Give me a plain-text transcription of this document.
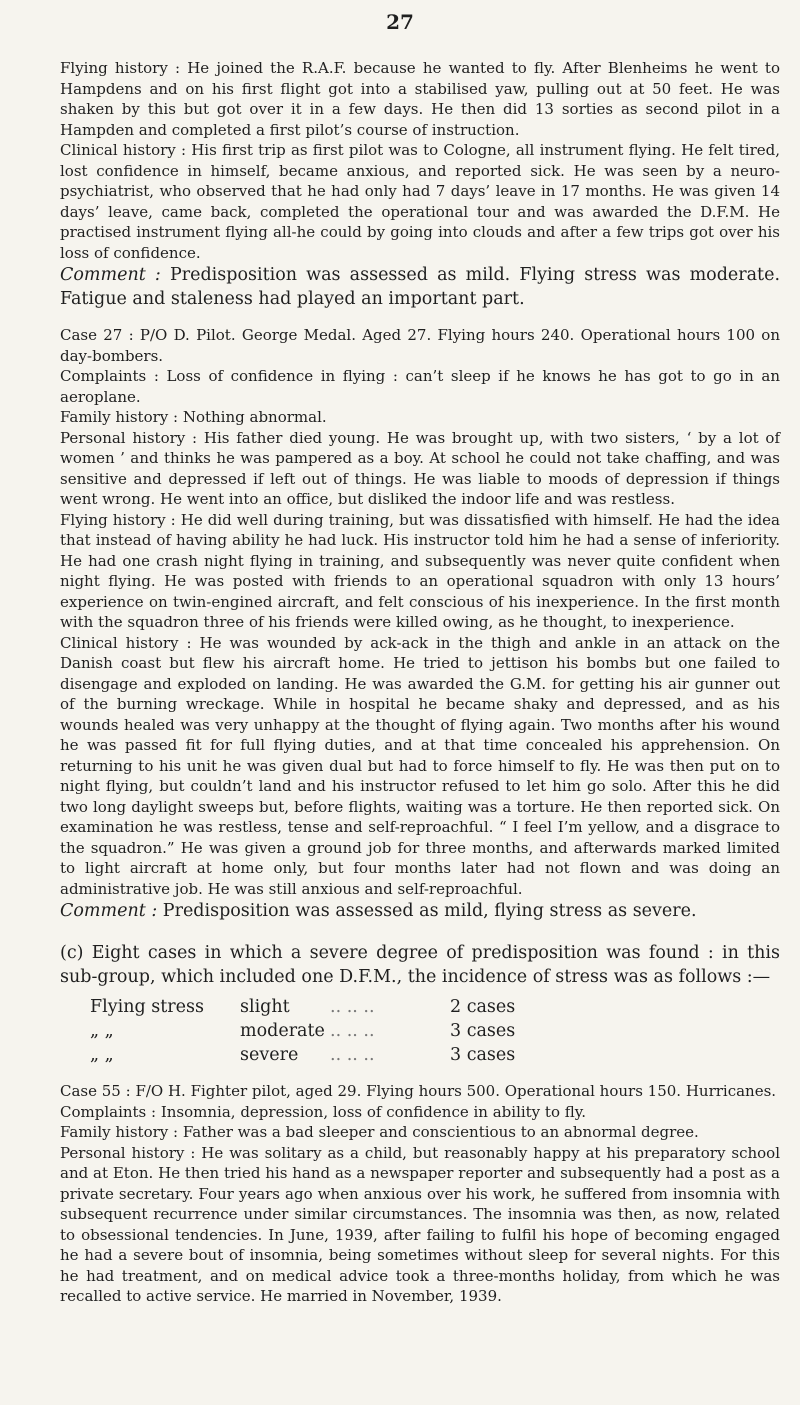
27

Flying history : He joined the R.A.F. because he wanted to fly. After Blenheims he went to Hampdens and on his first flight got into a stabilised yaw, pulling out at 50 feet. He was shaken by this but got over it in a few days. He then did 13 sorties as second pilot in a Hampden and completed a first pilot’s course of instruction.

Clinical history : His first trip as first pilot was to Cologne, all instrument flying. He felt tired, lost confidence in himself, became anxious, and reported sick. He was seen by a neuro-psychiatrist, who observed that he had only had 7 days’ leave in 17 months. He was given 14 days’ leave, came back, completed the operational tour and was awarded the D.F.M. He practised instrument flying all-he could by going into clouds and after a few trips got over his loss of confidence.

Comment : Predisposition was assessed as mild. Flying stress was moderate. Fatigue and staleness had played an important part.

Case 27 : P/O D. Pilot. George Medal. Aged 27. Flying hours 240. Operational hours 100 on day-bombers.

Complaints : Loss of confidence in flying : can’t sleep if he knows he has got to go in an aeroplane.

Family history : Nothing abnormal.

Personal history : His father died young. He was brought up, with two sisters, ‘ by a lot of women ’ and thinks he was pampered as a boy. At school he could not take chaffing, and was sensitive and depressed if left out of things. He was liable to moods of depression if things went wrong. He went into an office, but disliked the indoor life and was restless.

Flying history : He did well during training, but was dissatisfied with himself. He had the idea that instead of having ability he had luck. His instructor told him he had a sense of inferiority. He had one crash night flying in training, and subsequently was never quite confident when night flying. He was posted with friends to an operational squadron with only 13 hours’ experience on twin-engined aircraft, and felt conscious of his inexperience. In the first month with the squadron three of his friends were killed owing, as he thought, to inexperience.

Clinical history : He was wounded by ack-ack in the thigh and ankle in an attack on the Danish coast but flew his aircraft home. He tried to jettison his bombs but one failed to disengage and exploded on landing. He was awarded the G.M. for getting his air gunner out of the burning wreckage. While in hospital he became shaky and depressed, and as his wounds healed was very unhappy at the thought of flying again. Two months after his wound he was passed fit for full flying duties, and at that time concealed his apprehension. On returning to his unit he was given dual but had to force himself to fly. He was then put on to night flying, but couldn’t land and his instructor refused to let him go solo. After this he did two long daylight sweeps but, before flights, waiting was a torture. He then reported sick. On examination he was restless, tense and self-reproachful. “ I feel I’m yellow, and a disgrace to the squadron.” He was given a ground job for three months, and afterwards marked limited to light aircraft at home only, but four months later had not flown and was doing an administrative job. He was still anxious and self-reproachful.

Comment : Predisposition was assessed as mild, flying stress as severe.

(c) Eight cases in which a severe degree of predisposition was found : in this sub-group, which included one D.F.M., the incidence of stress was as follows :—

Flying stress	slight	.. .. ..	2 cases
„ „	moderate .. .. ..	3 cases
„ „	severe	.. .. ..	3 cases

Case 55 : F/O H. Fighter pilot, aged 29. Flying hours 500. Operational hours 150. Hurricanes.

Complaints : Insomnia, depression, loss of confidence in ability to fly.

Family history : Father was a bad sleeper and conscientious to an abnormal degree.

Personal history : He was solitary as a child, but reasonably happy at his preparatory school and at Eton. He then tried his hand as a newspaper reporter and subsequently had a post as a private secretary. Four years ago when anxious over his work, he suffered from insomnia with subsequent recurrence under similar circumstances. The insomnia was then, as now, related to obsessional tendencies. In June, 1939, after failing to fulfil his hope of becoming engaged he had a severe bout of insomnia, being sometimes without sleep for several nights. For this he had treatment, and on medical advice took a three-months holiday, from which he was recalled to active service. He married in November, 1939.
